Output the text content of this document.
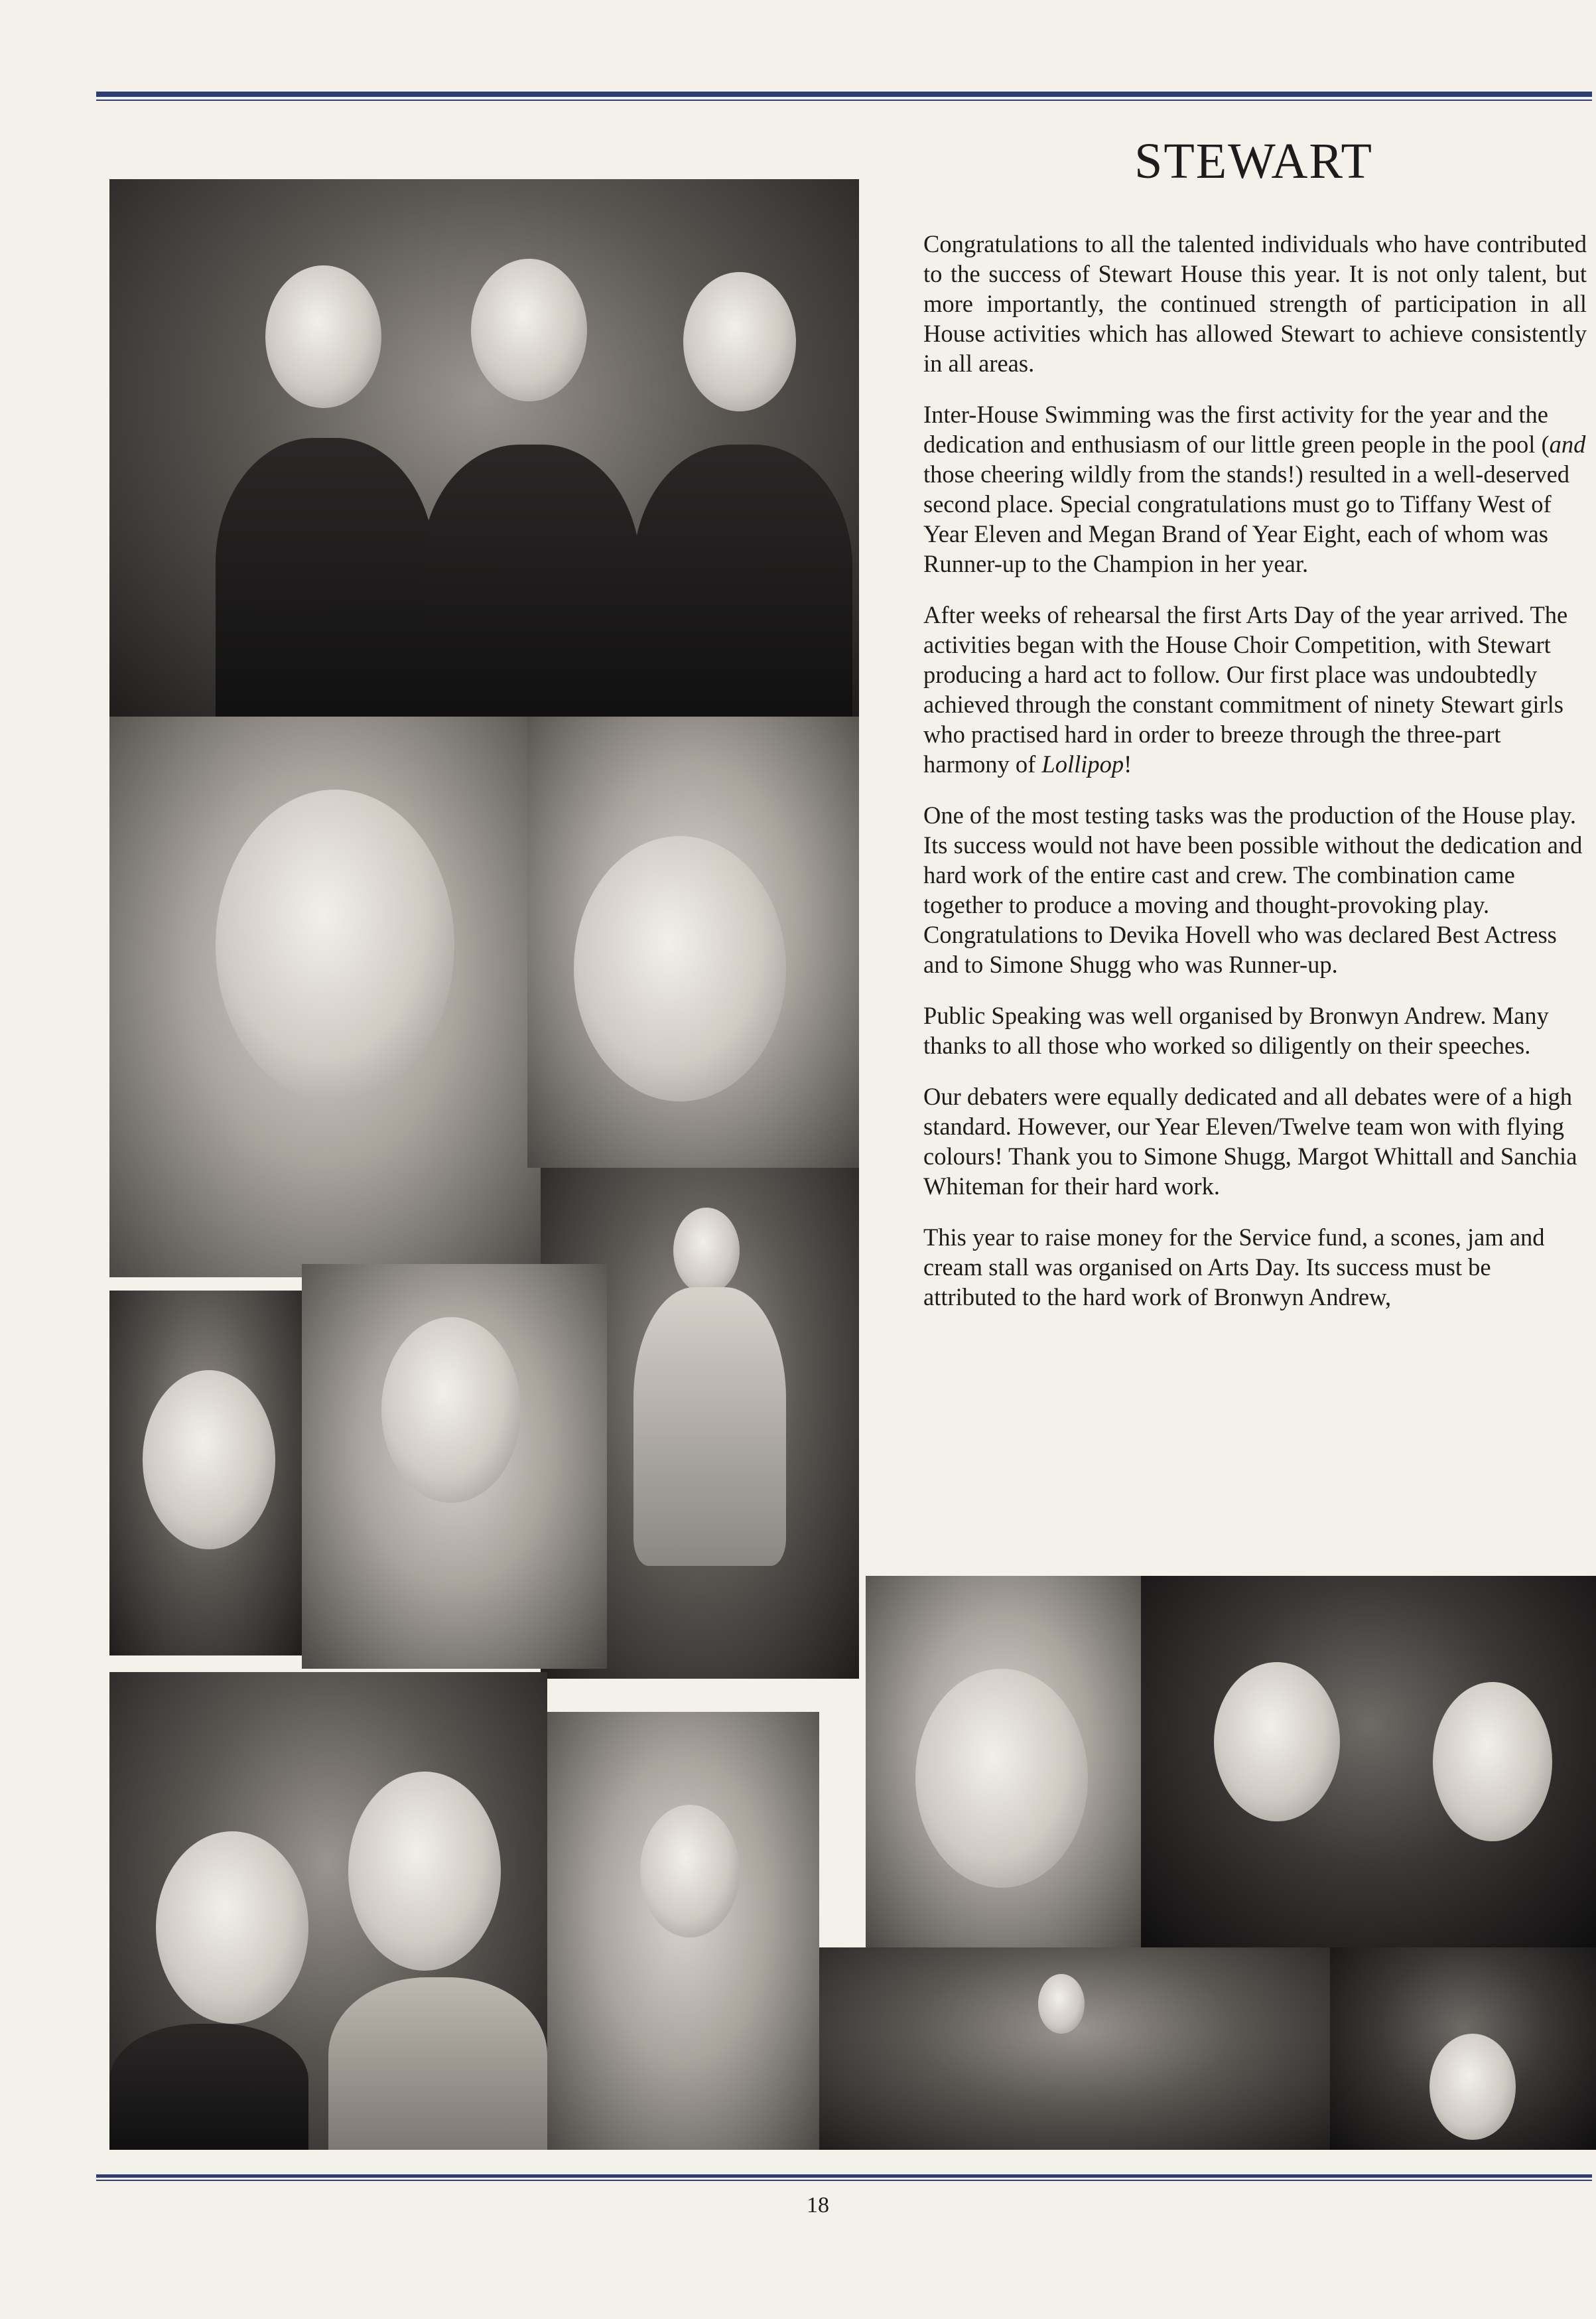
STEWART

Congratulations to all the talented individuals who have contributed to the success of Stewart House this year. It is not only talent, but more importantly, the continued strength of participation in all House activities which has allowed Stewart to achieve consistently in all areas.

Inter-House Swimming was the first activity for the year and the dedication and enthusiasm of our little green people in the pool (and those cheering wildly from the stands!) resulted in a well-deserved second place. Special congratulations must go to Tiffany West of Year Eleven and Megan Brand of Year Eight, each of whom was Runner-up to the Champion in her year.

After weeks of rehearsal the first Arts Day of the year arrived. The activities began with the House Choir Competition, with Stewart producing a hard act to follow. Our first place was undoubtedly achieved through the constant commitment of ninety Stewart girls who practised hard in order to breeze through the three-part harmony of Lollipop!

One of the most testing tasks was the production of the House play. Its success would not have been possible without the dedication and hard work of the entire cast and crew. The combination came together to produce a moving and thought-provoking play. Congratulations to Devika Hovell who was declared Best Actress and to Simone Shugg who was Runner-up.

Public Speaking was well organised by Bronwyn Andrew. Many thanks to all those who worked so diligently on their speeches.

Our debaters were equally dedicated and all debates were of a high standard. However, our Year Eleven/Twelve team won with flying colours! Thank you to Simone Shugg, Margot Whittall and Sanchia Whiteman for their hard work.

This year to raise money for the Service fund, a scones, jam and cream stall was organised on Arts Day. Its success must be attributed to the hard work of Bronwyn Andrew,

18
